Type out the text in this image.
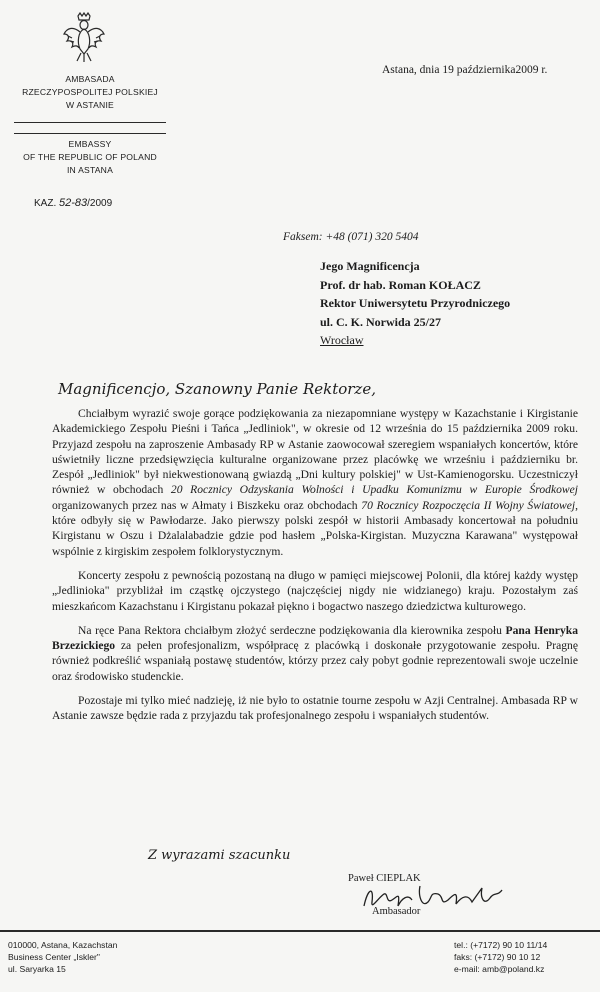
AMBASADA
RZECZYPOSPOLITEJ POLSKIEJ
W ASTANIE
EMBASSY
OF THE REPUBLIC OF POLAND
IN ASTANA
KAZ. 52-83/2009
Astana, dnia 19 października2009 r.
Faksem: +48 (071) 320 5404
Jego Magnificencja
Prof. dr hab. Roman KOŁACZ
Rektor Uniwersytetu Przyrodniczego
ul. C. K. Norwida 25/27
Wrocław
Magnificencjo, Szanowny Panie Rektorze,

Chciałbym wyrazić swoje gorące podziękowania za niezapomniane występy w Kazachstanie i Kirgistanie Akademickiego Zespołu Pieśni i Tańca „Jedliniok", w okresie od 12 września do 15 października 2009 roku. Przyjazd zespołu na zaproszenie Ambasady RP w Astanie zaowocował szeregiem wspaniałych koncertów, które uświetniły liczne przedsięwzięcia kulturalne organizowane przez placówkę we wrześniu i październiku br. Zespół „Jedliniok" był niekwestionowaną gwiazdą „Dni kultury polskiej" w Ust-Kamienogorsku. Uczestniczył również w obchodach 20 Rocznicy Odzyskania Wolności i Upadku Komunizmu w Europie Środkowej organizowanych przez nas w Ałmaty i Biszkeku oraz obchodach 70 Rocznicy Rozpoczęcia II Wojny Światowej, które odbyły się w Pawłodarze. Jako pierwszy polski zespół w historii Ambasady koncertował na południu Kirgistanu w Oszu i Dżalalabadzie gdzie pod hasłem „Polska-Kirgistan. Muzyczna Karawana" występował wspólnie z kirgiskim zespołem folklorystycznym.

Koncerty zespołu z pewnością pozostaną na długo w pamięci miejscowej Polonii, dla której każdy występ „Jedlinioka" przybliżał im cząstkę ojczystego (najczęściej nigdy nie widzianego) kraju. Pozostałym zaś mieszkańcom Kazachstanu i Kirgistanu pokazał piękno i bogactwo naszego dziedzictwa kulturowego.

Na ręce Pana Rektora chciałbym złożyć serdeczne podziękowania dla kierownika zespołu Pana Henryka Brzezickiego za pełen profesjonalizm, współpracę z placówką i doskonałe przygotowanie zespołu. Pragnę również podkreślić wspaniałą postawę studentów, którzy przez cały pobyt godnie reprezentowali swoje uczelnie oraz środowisko studenckie.

Pozostaje mi tylko mieć nadzieję, iż nie było to ostatnie tourne zespołu w Azji Centralnej. Ambasada RP w Astanie zawsze będzie rada z przyjazdu tak profesjonalnego zespołu i wspaniałych studentów.

Z wyrazami szacunku
Paweł CIEPLAK
Ambasador
010000, Astana, Kazachstan
Business Center „Iskler"
ul. Saryarka 15
tel.: (+7172) 90 10 11/14
faks: (+7172) 90 10 12
e-mail: amb@poland.kz
